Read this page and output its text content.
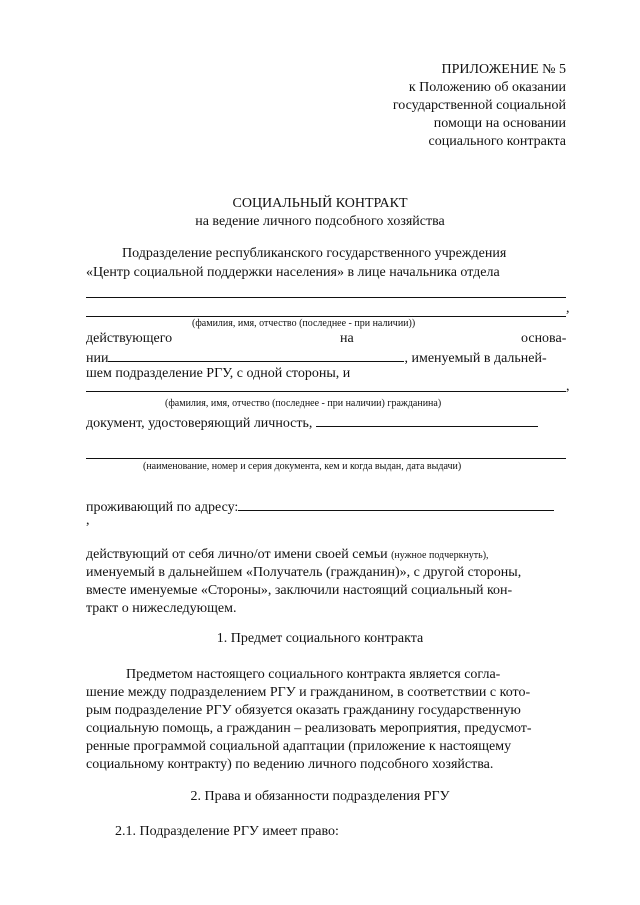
ПРИЛОЖЕНИЕ № 5
к Положению об оказании
государственной социальной
помощи на основании
социального контракта
СОЦИАЛЬНЫЙ КОНТРАКТ
на ведение личного подсобного хозяйства
Подразделение республиканского государственного учреждения
«Центр социальной поддержки населения» в лице начальника отдела
,
(фамилия, имя, отчество (последнее - при наличии))
действующего	на	основа-
нии	, именуемый в дальней-
шем подразделение РГУ, с одной стороны, и
,
(фамилия, имя, отчество (последнее - при наличии) гражданина)
документ, удостоверяющий личность,
(наименование, номер и серия документа, кем и когда выдан, дата выдачи)
проживающий по адресу:
,
действующий от себя лично/от имени своей семьи (нужное подчеркнуть),
именуемый в дальнейшем «Получатель (гражданин)», с другой стороны,
вместе именуемые «Стороны», заключили настоящий социальный кон-
тракт о нижеследующем.
1. Предмет социального контракта
Предметом настоящего социального контракта является согла-
шение между подразделением РГУ и гражданином, в соответствии с кото-
рым подразделение РГУ обязуется оказать гражданину государственную
социальную помощь, а гражданин – реализовать мероприятия, предусмот-
ренные программой социальной адаптации (приложение к настоящему
социальному контракту) по ведению личного подсобного хозяйства.
2. Права и обязанности подразделения РГУ
2.1. Подразделение РГУ имеет право:
